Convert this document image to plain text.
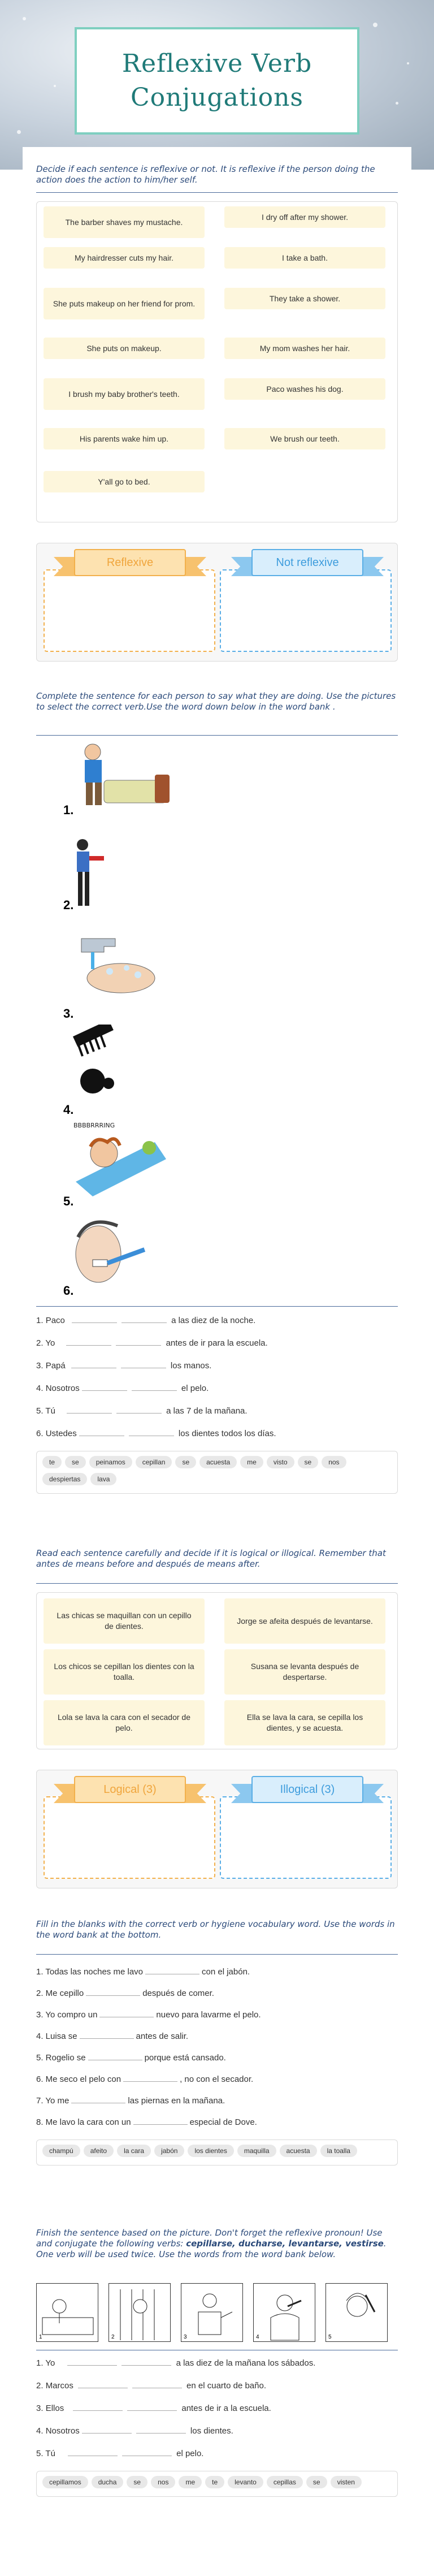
Reflexive Verb
Conjugations
Decide if each sentence is reflexive or not. It is reflexive if the person doing the action does the action to him/her self.
The barber shaves my mustache.
I dry off after my shower.
My hairdresser cuts my hair.	I take a bath.
She puts makeup on her friend for prom.
They take a shower.
She puts on makeup.	My mom washes her hair.
I brush my baby brother's teeth.
Paco washes his dog.
His parents wake him up.	We brush our teeth.
Y'all go to bed.
Reflexive	Not reflexive
Complete the sentence for each person to say what they are doing. Use the pictures to select the correct verb.Use the word down below in the word bank .
1.
2.
3.
4.
BBBBRRRING
5.
6.
1. Paco	a las diez de la noche.
2. Yo	antes de ir para la escuela.
3. Papá	los manos.
4. Nosotros	el pelo.
5. Tú	a las 7 de la mañana.
6. Ustedes	los dientes todos los días.
te	se	peinamos	cepillan	se	acuesta	me	visto	se	nosdespiertas	lava
Read each sentence carefully and decide if it is logical or illogical. Remember that antes de means before and después de means after.
Las chicas se maquillan con un cepillo de dientes.
Jorge se afeita después de levantarse.
Los chicos se cepillan los dientes con la toalla.
Susana se levanta después de despertarse.
Lola se lava la cara con el secador de pelo.
Ella se lava la cara, se cepilla los dientes, y se acuesta.
Logical (3)	Illogical (3)
Fill in the blanks with the correct verb or hygiene vocabulary word. Use the words in the word bank at the bottom.
1. Todas las noches me lavo	con el jabón.
2. Me cepillo	después de comer.
3. Yo compro un	nuevo para lavarme el pelo.
4. Luisa se	antes de salir.
5. Rogelio se	porque está cansado.
6. Me seco el pelo con	, no con el secador.
7. Yo me	las piernas en la mañana.
8. Me lavo la cara con un	especial de Dove.
champú	afeito	la cara	jabón	los dientes	maquilla	acuesta	la toalla
Finish the sentence based on the picture. Don't forget the reflexive pronoun! Use and conjugate the following verbs: cepillarse, ducharse, levantarse, vestirse. One verb will be used twice. Use the words from the word bank below.
1	2	3	4	5
1. Yo	a las diez de la mañana los sábados.
2. Marcos	en el cuarto de baño.
3. Ellos	antes de ir a la escuela.
4. Nosotros	los dientes.
5. Tú	el pelo.
cepillamos	ducha	se	nos	me	te	levanto	cepillas	se	visten
